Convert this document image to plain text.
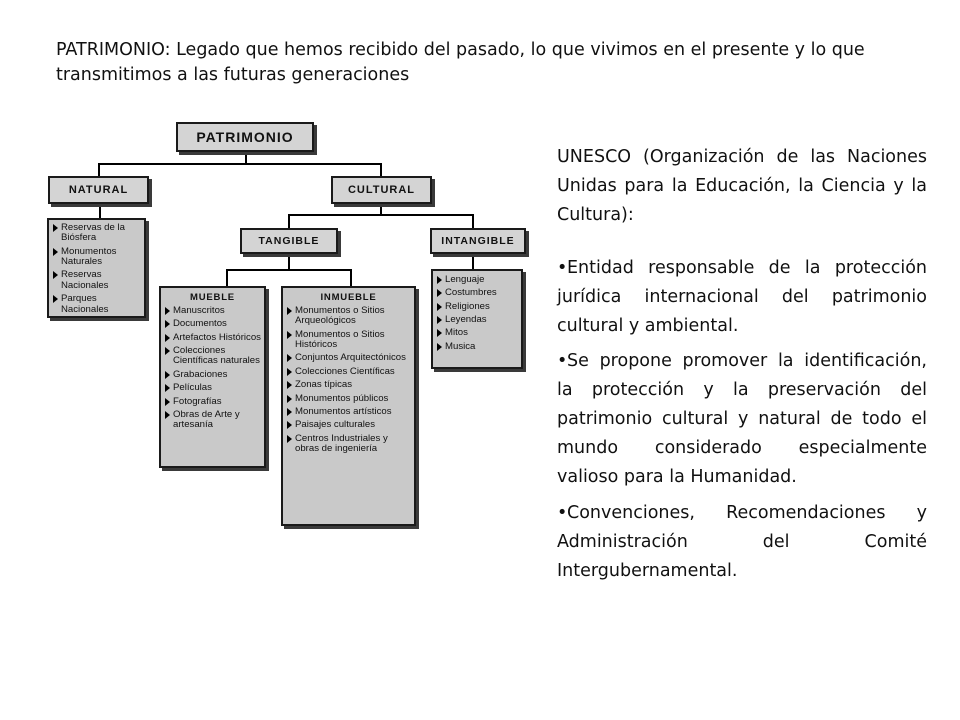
PATRIMONIO: Legado que hemos recibido del pasado, lo que vivimos en el presente y lo que transmitimos a las futuras generaciones
PATRIMONIO
NATURAL
Reservas de la Biósfera
Monumentos Naturales
Reservas Nacionales
Parques Nacionales
CULTURAL
TANGIBLE	INTANGIBLE
Lenguaje
Costumbres
Religiones
Leyendas
Mitos
Musica
MUEBLE
Manuscritos
Documentos
Artefactos Históricos
Colecciones Científicas naturales
Grabaciones
Películas
Fotografías
Obras de Arte y artesanía
INMUEBLE
Monumentos o Sitios Arqueológicos
Monumentos o Sitios Históricos
Conjuntos Arquitectónicos
Colecciones Científicas
Zonas típicas
Monumentos públicos
Monumentos artísticos
Paisajes culturales
Centros Industriales y obras de ingeniería

UNESCO (Organización de las Naciones Unidas para la Educación, la Ciencia y la Cultura):

•Entidad responsable de la protección jurídica internacional del patrimonio cultural y ambiental.

•Se propone promover la identificación, la protección y la preservación del patrimonio cultural y natural de todo el mundo considerado especialmente valioso para la Humanidad.

•Convenciones, Recomendaciones y Administración del Comité Intergubernamental.
